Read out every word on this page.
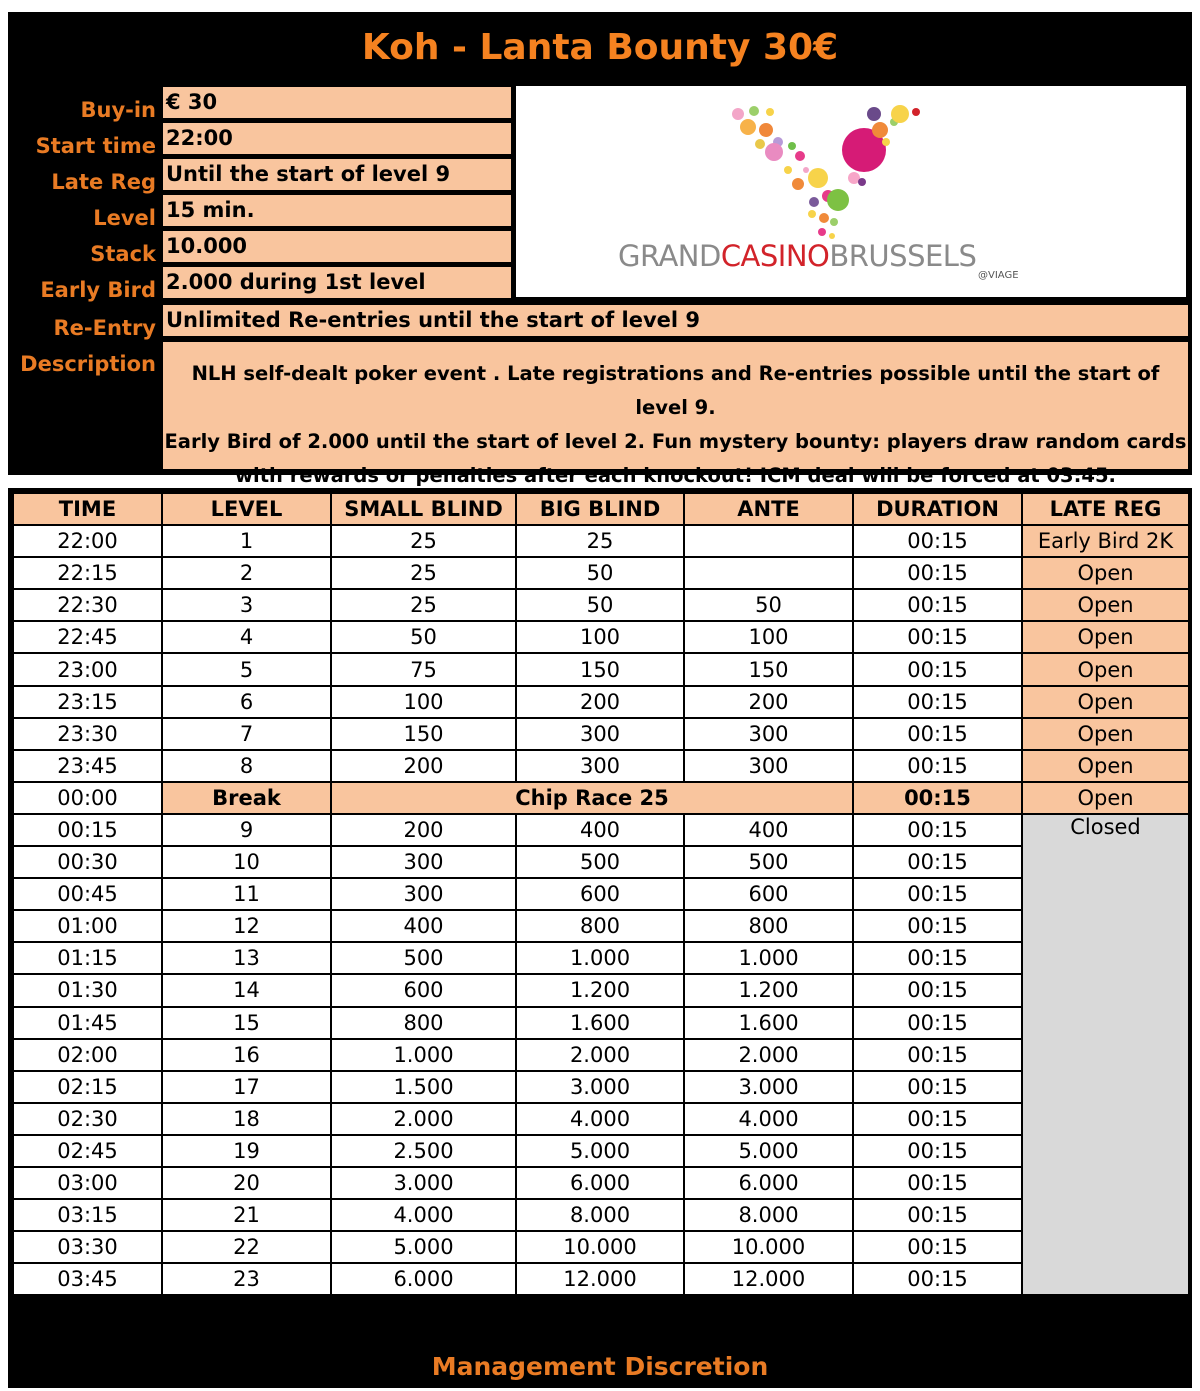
Koh - Lanta Bounty 30€
Buy-in € 30
Start time 22:00
Late Reg Until the start of level 9
Level 15 min.
Stack 10.000
Early Bird 2.000 during 1st level
Re-Entry Unlimited Re-entries until the start of level 9
Description	NLH self-dealt poker event . Late registrations and Re-entries possible until the start of level 9.
Early Bird of 2.000 until the start of level 2. Fun mystery bounty: players draw random cards
with rewards or penalties after each knockout! ICM deal will be forced at 03:45.
GRANDCASINOBRUSSELS
@VIAGE
TIME	LEVEL	SMALL BLIND	BIG BLIND	ANTE	DURATION	LATE REG
22:00	1	25	25		00:15	Early Bird 2K
22:15	2	25	50		00:15	Open
22:30	3	25	50	50	00:15	Open
22:45	4	50	100	100	00:15	Open
23:00	5	75	150	150	00:15	Open
23:15	6	100	200	200	00:15	Open
23:30	7	150	300	300	00:15	Open
23:45	8	200	300	300	00:15	Open
00:00	Break	Chip Race 25			00:15	Open
00:15	9	200	400	400	00:15	Closed
00:30	10	300	500	500	00:15	
00:45	11	300	600	600	00:15	
01:00	12	400	800	800	00:15	
01:15	13	500	1.000	1.000	00:15	
01:30	14	600	1.200	1.200	00:15	
01:45	15	800	1.600	1.600	00:15	
02:00	16	1.000	2.000	2.000	00:15	
02:15	17	1.500	3.000	3.000	00:15	
02:30	18	2.000	4.000	4.000	00:15	
02:45	19	2.500	5.000	5.000	00:15	
03:00	20	3.000	6.000	6.000	00:15	
03:15	21	4.000	8.000	8.000	00:15	
03:30	22	5.000	10.000	10.000	00:15	
03:45	23	6.000	12.000	12.000	00:15	
Management Discretion
